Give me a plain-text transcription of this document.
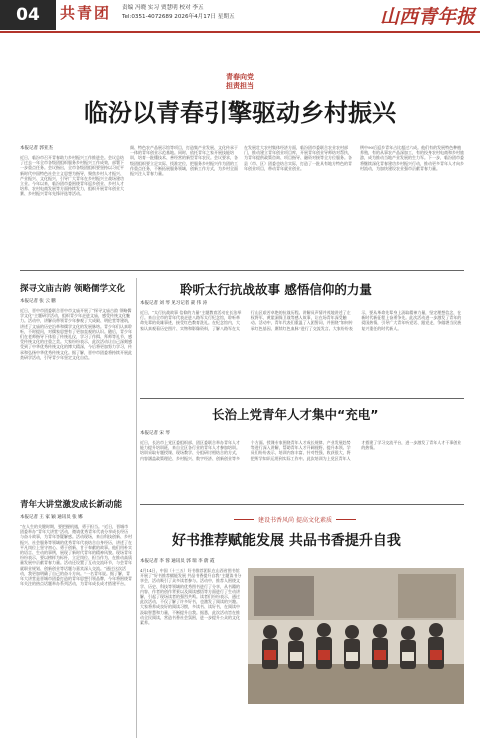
04	共青团 责编 冯晓 实习 贾慧明 校对 李五
Tel:0351-4072689 2026年4月17日 星期五	山西青年报
青春向党
担责担当
临汾以青春引擎驱动乡村振兴
本报记者 郭亚杰
近日，临汾市召开青春助力乡村振兴工作推进会。会议总结了过去一年全市各级团组织服务乡村振兴工作成效，部署下一步重点任务。会议指出，全市各级团组织要坚持以习近平新时代中国特色社会主义思想为指导，聚焦乡村人才振兴、产业振兴、文化振兴，引导广大青年在乡村振兴主战场建功立业。今年以来，临汾团市委围绕青年返乡创业、乡村人才培养、农村电商发展等方面持续发力，组织开展青年创业大赛、乡村振兴青年先锋评选等活动。
阁、特色农产品展示馆等项目，打造集产业发展、文化传承于一体的青年创业示范基地。同时，依托青年之家开展技能培训，培育一批懂技术、善经营的新型青年农民。会议要求，各级团组织要立足实际、找准定位，把服务乡村振兴作为团的工作重点任务，不断拓展服务领域，创新工作方式，为乡村全面振兴注入青春力量。
在发展壮大农村集体经济方面，临汾团市委联合农业农村部门，推动建立青年创业项目库，开展青年创业导师结对帮扶，为青年提供政策咨询、项目指导、融资对接等全方位服务。各县（市、区）团委也结合实际，打造了一批具有地方特色的青年创业项目，带动青年就业创业。
例中90后返乡青年占比超过六成。他们有的发展特色种植养殖，有的从事农产品深加工，有的投身农村电商和乡村旅游，成为推动当地产业发展的生力军。下一步，临汾团市委将继续深化青春建功乡村振兴行动，推动更多青年人才向乡村流动，为加快建设农业强市贡献青春力量。
探寻文庙古韵 领略儒学文化
本报记者 张 云 鹏
近日，晋中市团委联合晋中市文庙开展了“探寻文庙古韵 领略儒学文化”主题研学活动，组织青少年走进文庙，感受传统文化魅力。活动中，讲解员带领青少年参观了大成殿、明伦堂等建筑，讲述了文庙的历史沿革和儒学文化的发展脉络。青少年们认真聆听，不时提问，对儒家思想有了更加直观的认识。随后，青少年们在老师指导下体验了传统礼仪，学习了作揖、拜师等礼节，感受传统文化的庄重之美。大家纷纷表示，此次活动让自己深刻感受到了中华优秀传统文化的博大精深，今后将更加努力学习，传承和弘扬中华优秀传统文化。据了解，晋中市团委将持续开展此类研学活动，引导青少年坚定文化自信。
青年大讲堂激发成长新动能
本报记者 王 家 颖 通讯员 张 娜
“在人生的关键时期，要把握机遇，勇于担当。”近日，晋城市团委举办“青年大讲堂”活动，邀请优秀青年代表分享成长经历与奋斗故事，为青年答疑解惑。活动现场，来自科技创新、乡村振兴、社会服务等领域的优秀青年代表结合自身经历，讲述了在平凡岗位上坚守初心、勇于创新、甘于奉献的故事。他们用朴实的语言、生动的事例，展现了新时代青年的精神风貌。现场青年纷纷表示，要以榜样为标杆，立足岗位、担当作为，在推动高质量发展中贡献青春力量。活动还设置了互动交流环节，与会青年就职业规划、创新创业等话题与嘉宾深入交流。“通过这次活动，我更加明确了自己的奋斗方向。”一名青年说。据了解，青年大讲堂是晋城市团委打造的青年思想引领品牌，今年将围绕青年关注的热点话题举办系列活动，为青年成长成才搭建平台。
聆听太行抗战故事 感悟信仰的力量
本报记者 刘 琴 见习记者 聂 伟 涛
近日，“太行抗战故事 信仰的力量”主题教育活动在长治举行。来自全市的青年代表走进八路军太行纪念馆，聆听革命先辈的英雄事迹，接受红色教育洗礼。在纪念馆内，大家认真观看历史图片、实物和影像资料，了解八路军在太行山区艰苦卓绝的抗战历程。讲解员声情并茂地讲述了左权将军、黄崖洞保卫战等感人故事，让在场青年深受触动。活动中，青年代表们重温了入团誓词，并围绕“如何传承红色基因、赓续红色血脉”进行了交流发言。大家纷纷表示，要从革命先辈身上汲取精神力量，坚定理想信念，在新时代新征程上奋勇争先。此次活动进一步激发了青年的爱国热情，引导广大青年听党话、跟党走，争做堪当民族复兴重任的时代新人。
长治上党青年人才集中“充电”
本报记者 宋 琴
近日，长治市上党区委组织部、团区委联合举办青年人才能力提升培训班，来自全区各行业的青年人才参加培训。培训采取专题授课、现场教学、分组研讨相结合的方式，内容涵盖政策理论、乡村振兴、数字经济、创新创业等多个方面。授课专家围绕青年人才成长规律、产业发展趋势等进行深入讲解，帮助青年人才开阔视野、提升本领。学员们纷纷表示，培训内容丰富、针对性强，收获很大，将把所学知识运用到实际工作中。此次培训为上党区青年人才搭建了学习交流平台，进一步激发了青年人才干事创业的热情。
建设书香风尚 提高文化素质
好书推荐赋能发展 共品书香提升自我
本报记者 李 蓉 通讯员 郭 瑞 李 蔚 霞
4月14日，中国（十三五）好书推荐团队在山西省图书馆开展了“好书推荐赋能发展 共品书香提升自我”主题读书分享会，活动吸引了众多读者参与。活动中，推荐人围绕文学、历史、科技等领域的优秀图书进行了分享，从书籍的内容、作者的创作背景以及阅读感悟等方面进行了生动讲解，引起了现场读者的强烈共鸣。读者们纷纷表示，通过此次活动，不仅了解了许多好书，也激发了阅读的兴趣。大家将养成良好的阅读习惯，多读书、读好书，在阅读中汲取智慧和力量，不断提升自我。据悉，此次活动旨在推动全民阅读，营造书香社会氛围，进一步提升公众的文化素养。
